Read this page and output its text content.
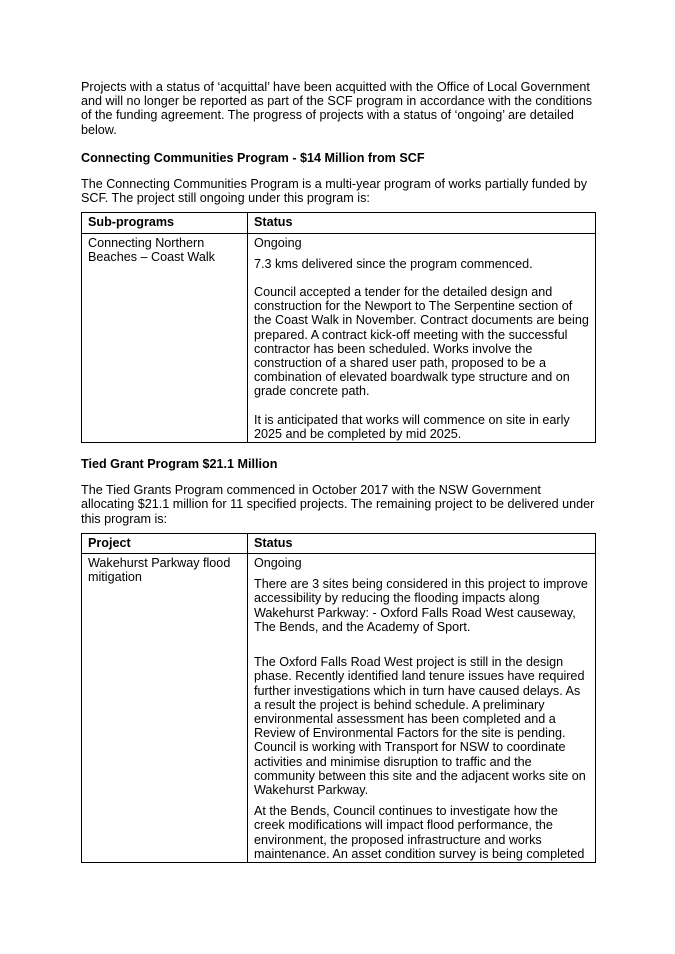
Projects with a status of ‘acquittal’ have been acquitted with the Office of Local Government and will no longer be reported as part of the SCF program in accordance with the conditions of the funding agreement. The progress of projects with a status of ‘ongoing’ are detailed below.

Connecting Communities Program - $14 Million from SCF

The Connecting Communities Program is a multi-year program of works partially funded by SCF. The project still ongoing under this program is:

Sub-programs	Status
Connecting Northern Beaches – Coast Walk	Ongoing
7.3 kms delivered since the program commenced.
Council accepted a tender for the detailed design and construction for the Newport to The Serpentine section of the Coast Walk in November. Contract documents are being prepared. A contract kick-off meeting with the successful contractor has been scheduled. Works involve the construction of a shared user path, proposed to be a combination of elevated boardwalk type structure and on grade concrete path.
It is anticipated that works will commence on site in early 2025 and be completed by mid 2025.

Tied Grant Program $21.1 Million

The Tied Grants Program commenced in October 2017 with the NSW Government allocating $21.1 million for 11 specified projects. The remaining project to be delivered under this program is:

Project	Status
Wakehurst Parkway flood mitigation	Ongoing
There are 3 sites being considered in this project to improve accessibility by reducing the flooding impacts along Wakehurst Parkway: - Oxford Falls Road West causeway, The Bends, and the Academy of Sport.
The Oxford Falls Road West project is still in the design phase. Recently identified land tenure issues have required further investigations which in turn have caused delays. As a result the project is behind schedule. A preliminary environmental assessment has been completed and a Review of Environmental Factors for the site is pending. Council is working with Transport for NSW to coordinate activities and minimise disruption to traffic and the community between this site and the adjacent works site on Wakehurst Parkway.
At the Bends, Council continues to investigate how the creek modifications will impact flood performance, the environment, the proposed infrastructure and works maintenance. An asset condition survey is being completed
